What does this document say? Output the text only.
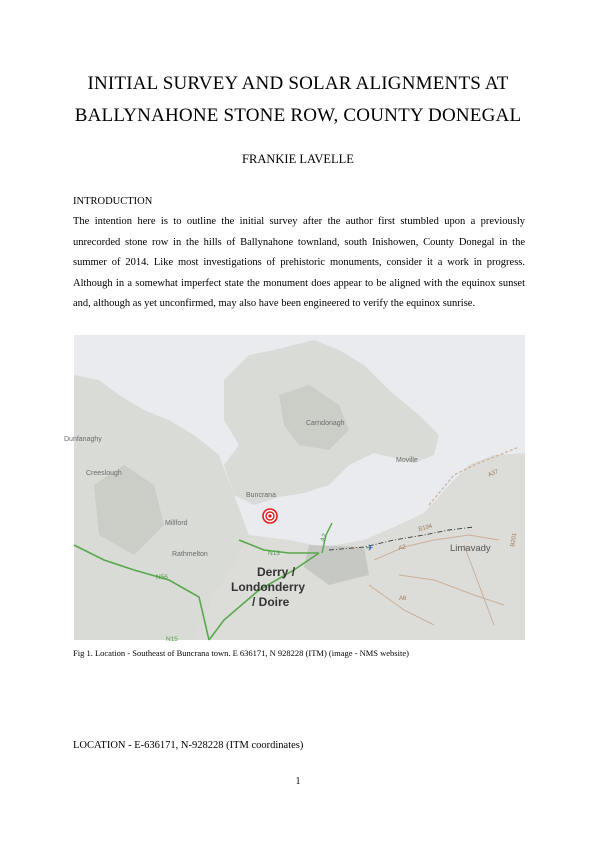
INITIAL SURVEY AND SOLAR ALIGNMENTS AT
BALLYNAHONE STONE ROW, COUNTY DONEGAL
FRANKIE LAVELLE
INTRODUCTION
The intention here is to outline the initial survey after the author first stumbled upon a previously unrecorded stone row in the hills of Ballynahone townland, south Inishowen, County Donegal in the summer of 2014. Like most investigations of prehistoric monuments, consider it a work in progress. Although in a somewhat imperfect state the monument does appear to be aligned with the equinox sunset and, although as yet unconfirmed, may also have been engineered to verify the equinox sunrise.
✈
Carndonagh
Moville
Buncrana
Millford
Rathmelton
Creeslough
Dunfanaghy
Limavady
Derry /
Londonderry
/ Doire
N13
N56
N15
A2
A2
A6
B194
A37
B201
Fig 1. Location - Southeast of Buncrana town. E 636171, N 928228 (ITM) (image - NMS website)
LOCATION - E-636171, N-928228 (ITM coordinates)
1
